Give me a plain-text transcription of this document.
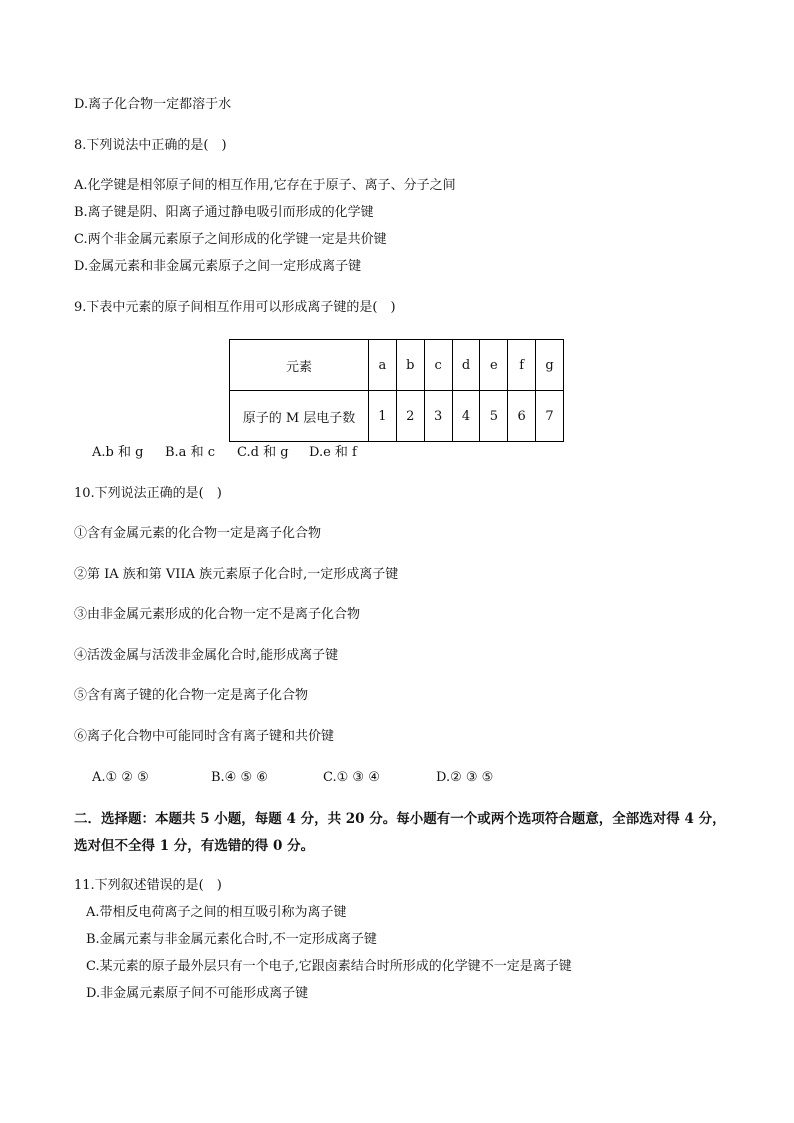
D.离子化合物一定都溶于水
8.下列说法中正确的是(　)
A.化学键是相邻原子间的相互作用,它存在于原子、离子、分子之间
B.离子键是阴、阳离子通过静电吸引而形成的化学键
C.两个非金属元素原子之间形成的化学键一定是共价键
D.金属元素和非金属元素原子之间一定形成离子键
9.下表中元素的原子间相互作用可以形成离子键的是(　)
元素	a	b	c	d	e	f	g
原子的 M 层电子数	1	2	3	4	5	6	7
A.b 和 g B.a 和 c C.d 和 g D.e 和 f
10.下列说法正确的是(　)
①含有金属元素的化合物一定是离子化合物
②第 IA 族和第 VIIA 族元素原子化合时,一定形成离子键
③由非金属元素形成的化合物一定不是离子化合物
④活泼金属与活泼非金属化合时,能形成离子键
⑤含有离子键的化合物一定是离子化合物
⑥离子化合物中可能同时含有离子键和共价键
A.① ② ⑤	B.④ ⑤ ⑥	C.① ③ ④	D.② ③ ⑤
二．选择题：本题共 5 小题，每题 4 分，共 20 分。每小题有一个或两个选项符合题意，全部选对得 4 分，
选对但不全得 1 分，有选错的得 0 分。
11.下列叙述错误的是(　)
A.带相反电荷离子之间的相互吸引称为离子键
B.金属元素与非金属元素化合时,不一定形成离子键
C.某元素的原子最外层只有一个电子,它跟卤素结合时所形成的化学键不一定是离子键
D.非金属元素原子间不可能形成离子键
